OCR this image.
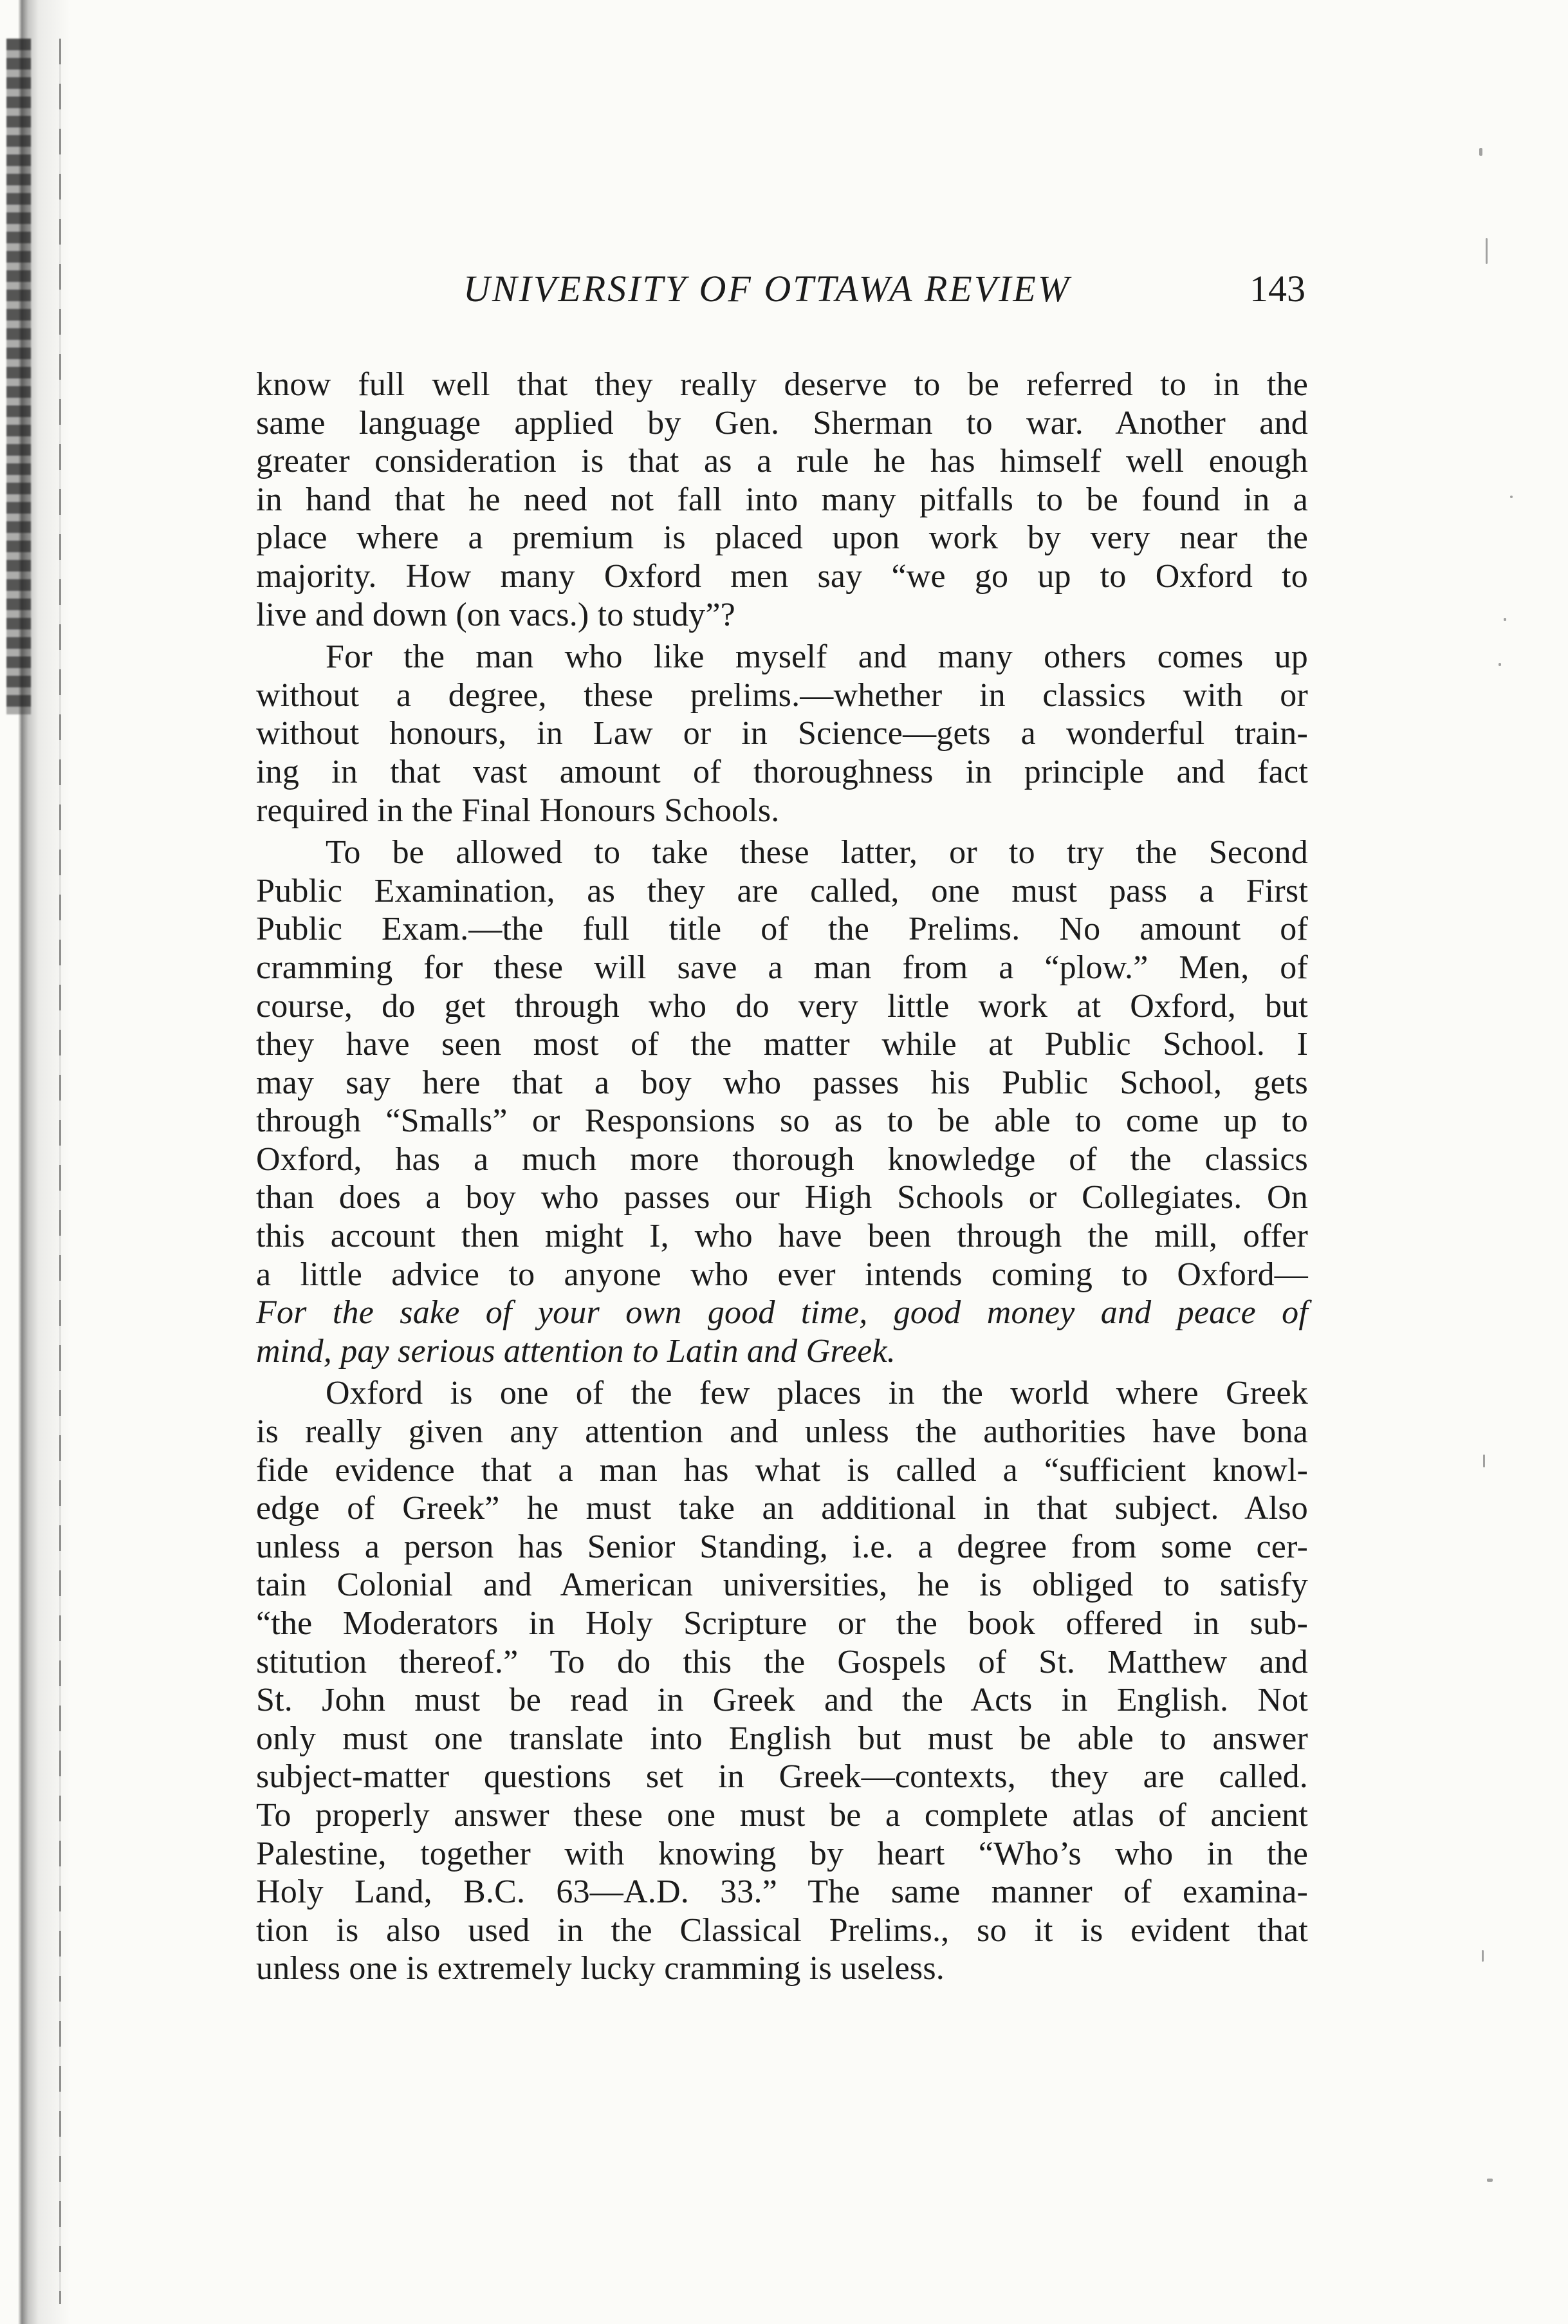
UNIVERSITY OF OTTAWA REVIEW	143
know full well that they really deserve to be referred to in the
same language applied by Gen. Sherman to war. Another and
greater consideration is that as a rule he has himself well enough
in hand that he need not fall into many pitfalls to be found in a
place where a premium is placed upon work by very near the
majority. How many Oxford men say “we go up to Oxford to
live and down (on vacs.) to study”?
For the man who like myself and many others comes up
without a degree, these prelims.—whether in classics with or
without honours, in Law or in Science—gets a wonderful train-
ing in that vast amount of thoroughness in principle and fact
required in the Final Honours Schools.
To be allowed to take these latter, or to try the Second
Public Examination, as they are called, one must pass a First
Public Exam.—the full title of the Prelims. No amount of
cramming for these will save a man from a “plow.” Men, of
course, do get through who do very little work at Oxford, but
they have seen most of the matter while at Public School. I
may say here that a boy who passes his Public School, gets
through “Smalls” or Responsions so as to be able to come up to
Oxford, has a much more thorough knowledge of the classics
than does a boy who passes our High Schools or Collegiates. On
this account then might I, who have been through the mill, offer
a little advice to anyone who ever intends coming to Oxford—
For the sake of your own good time, good money and peace of
mind, pay serious attention to Latin and Greek.
Oxford is one of the few places in the world where Greek
is really given any attention and unless the authorities have bona
fide evidence that a man has what is called a “sufficient knowl-
edge of Greek” he must take an additional in that subject. Also
unless a person has Senior Standing, i.e. a degree from some cer-
tain Colonial and American universities, he is obliged to satisfy
“the Moderators in Holy Scripture or the book offered in sub-
stitution thereof.” To do this the Gospels of St. Matthew and
St. John must be read in Greek and the Acts in English. Not
only must one translate into English but must be able to answer
subject-matter questions set in Greek—contexts, they are called.
To properly answer these one must be a complete atlas of ancient
Palestine, together with knowing by heart “Who’s who in the
Holy Land, B.C. 63—A.D. 33.” The same manner of examina-
tion is also used in the Classical Prelims., so it is evident that
unless one is extremely lucky cramming is useless.
